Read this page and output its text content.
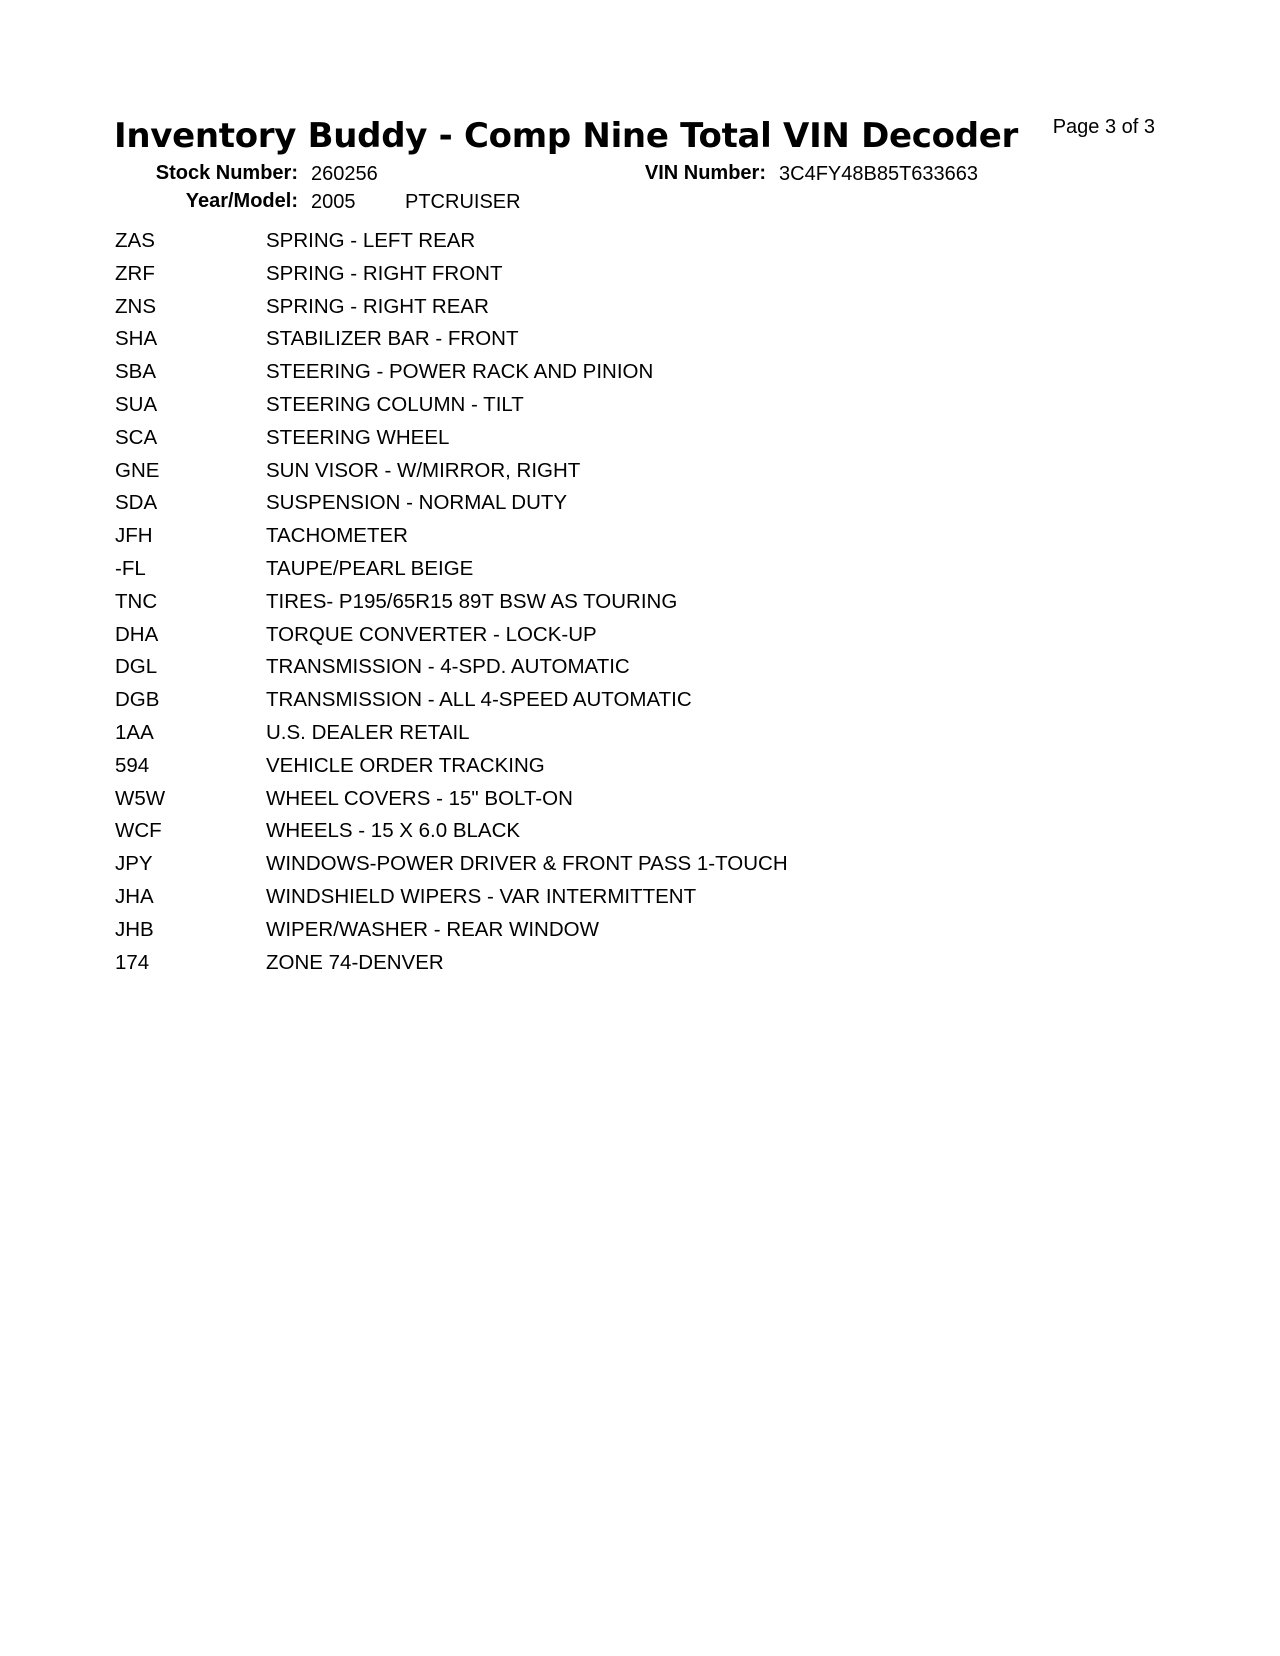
Inventory Buddy - Comp Nine Total VIN Decoder	Page 3 of 3
Stock Number: 260256	VIN Number: 3C4FY48B85T633663
Year/Model: 2005 PTCRUISER
ZAS	SPRING - LEFT REAR
ZRF	SPRING - RIGHT FRONT
ZNS	SPRING - RIGHT REAR
SHA	STABILIZER BAR - FRONT
SBA	STEERING - POWER RACK AND PINION
SUA	STEERING COLUMN - TILT
SCA	STEERING WHEEL
GNE	SUN VISOR - W/MIRROR, RIGHT
SDA	SUSPENSION - NORMAL DUTY
JFH	TACHOMETER
-FL	TAUPE/PEARL BEIGE
TNC	TIRES- P195/65R15 89T BSW AS TOURING
DHA	TORQUE CONVERTER - LOCK-UP
DGL	TRANSMISSION - 4-SPD. AUTOMATIC
DGB	TRANSMISSION - ALL 4-SPEED AUTOMATIC
1AA	U.S. DEALER RETAIL
594	VEHICLE ORDER TRACKING
W5W	WHEEL COVERS - 15" BOLT-ON
WCF	WHEELS - 15 X 6.0 BLACK
JPY	WINDOWS-POWER DRIVER & FRONT PASS 1-TOUCH
JHA	WINDSHIELD WIPERS - VAR INTERMITTENT
JHB	WIPER/WASHER - REAR WINDOW
174	ZONE 74-DENVER
